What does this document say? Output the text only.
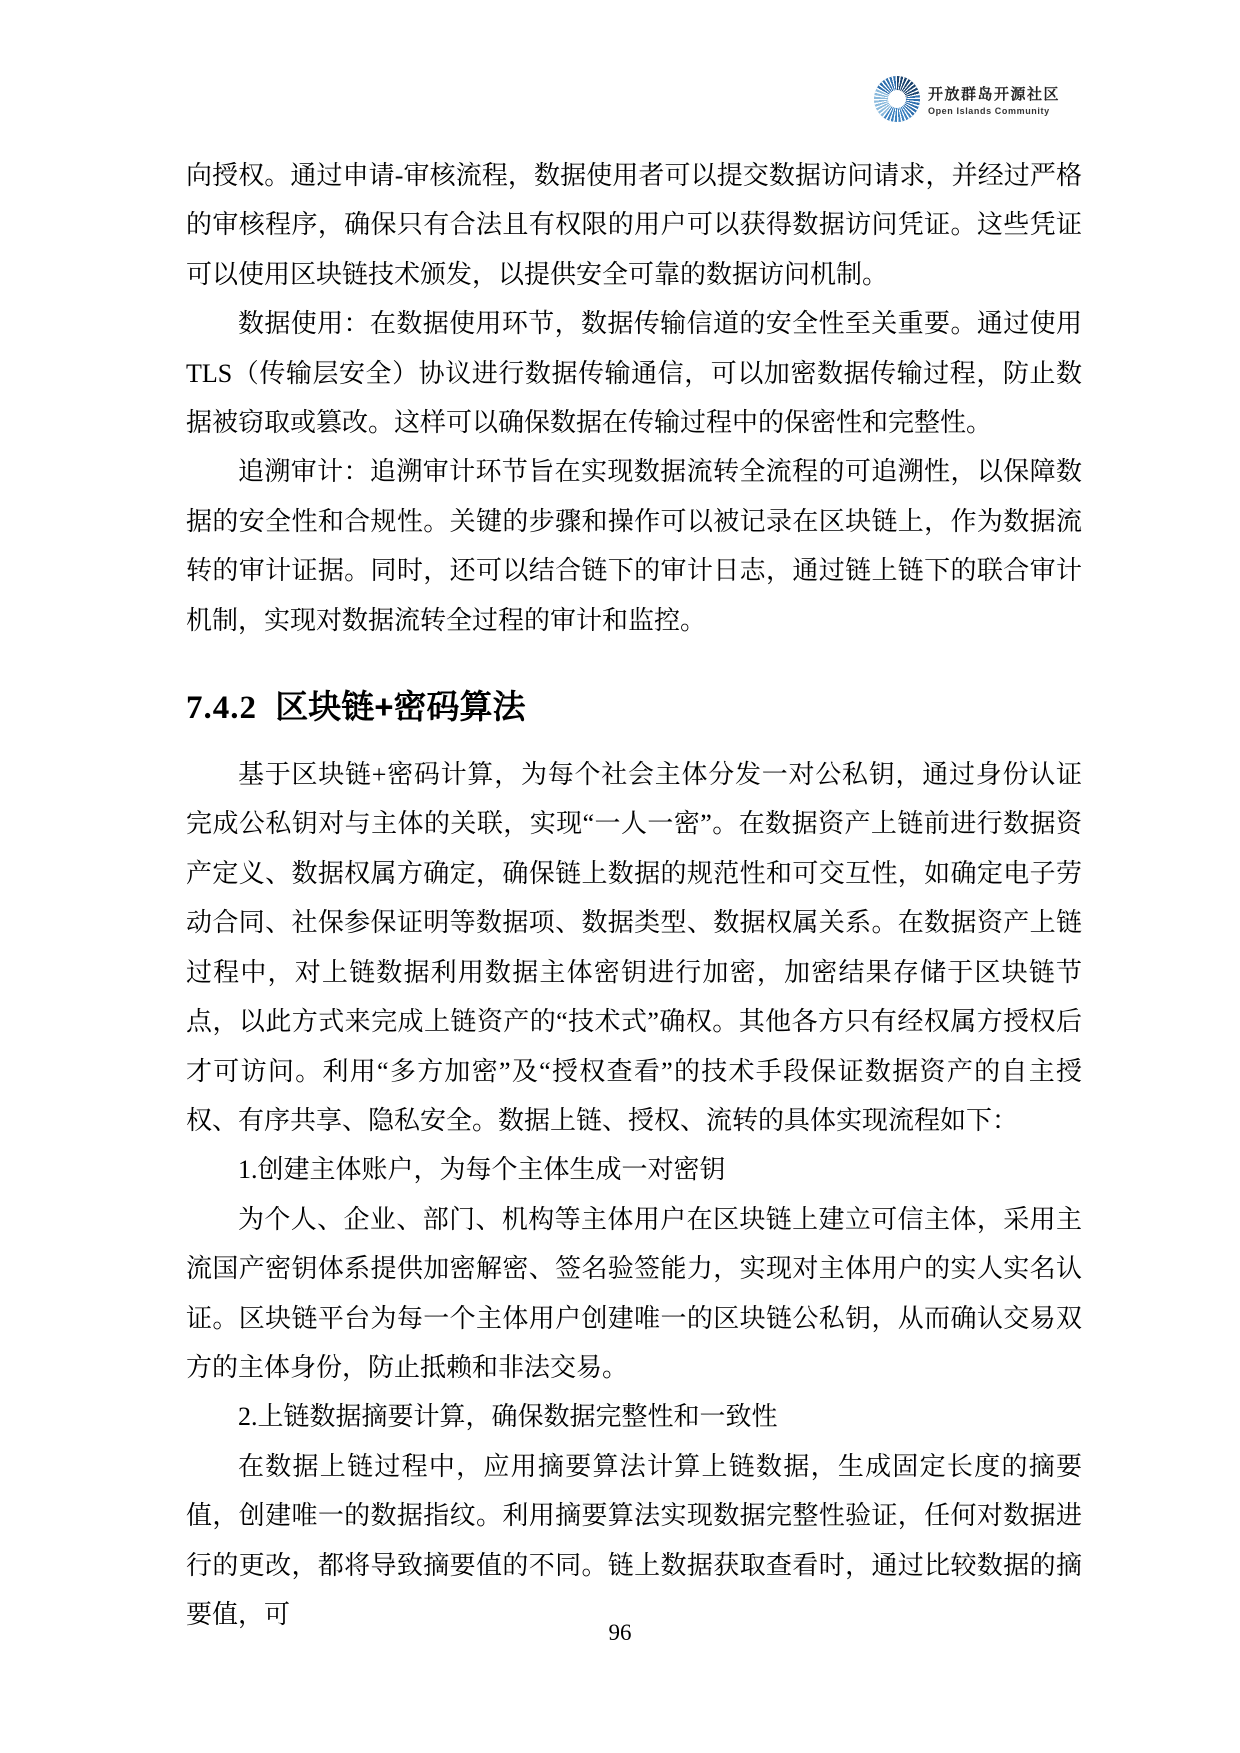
开放群岛开源社区
Open Islands Community

向授权。通过申请-审核流程，数据使用者可以提交数据访问请求，并经过严格的审核程序，确保只有合法且有权限的用户可以获得数据访问凭证。这些凭证可以使用区块链技术颁发，以提供安全可靠的数据访问机制。

数据使用：在数据使用环节，数据传输信道的安全性至关重要。通过使用TLS（传输层安全）协议进行数据传输通信，可以加密数据传输过程，防止数据被窃取或篡改。这样可以确保数据在传输过程中的保密性和完整性。

追溯审计：追溯审计环节旨在实现数据流转全流程的可追溯性，以保障数据的安全性和合规性。关键的步骤和操作可以被记录在区块链上，作为数据流转的审计证据。同时，还可以结合链下的审计日志，通过链上链下的联合审计机制，实现对数据流转全过程的审计和监控。

7.4.2 区块链+密码算法

基于区块链+密码计算，为每个社会主体分发一对公私钥，通过身份认证完成公私钥对与主体的关联，实现“一人一密”。在数据资产上链前进行数据资产定义、数据权属方确定，确保链上数据的规范性和可交互性，如确定电子劳动合同、社保参保证明等数据项、数据类型、数据权属关系。在数据资产上链过程中，对上链数据利用数据主体密钥进行加密，加密结果存储于区块链节点，以此方式来完成上链资产的“技术式”确权。其他各方只有经权属方授权后才可访问。利用“多方加密”及“授权查看”的技术手段保证数据资产的自主授权、有序共享、隐私安全。数据上链、授权、流转的具体实现流程如下：

1.创建主体账户，为每个主体生成一对密钥

为个人、企业、部门、机构等主体用户在区块链上建立可信主体，采用主流国产密钥体系提供加密解密、签名验签能力，实现对主体用户的实人实名认证。区块链平台为每一个主体用户创建唯一的区块链公私钥，从而确认交易双方的主体身份，防止抵赖和非法交易。

2.上链数据摘要计算，确保数据完整性和一致性

在数据上链过程中，应用摘要算法计算上链数据，生成固定长度的摘要值，创建唯一的数据指纹。利用摘要算法实现数据完整性验证，任何对数据进行的更改，都将导致摘要值的不同。链上数据获取查看时，通过比较数据的摘要值，可

96
